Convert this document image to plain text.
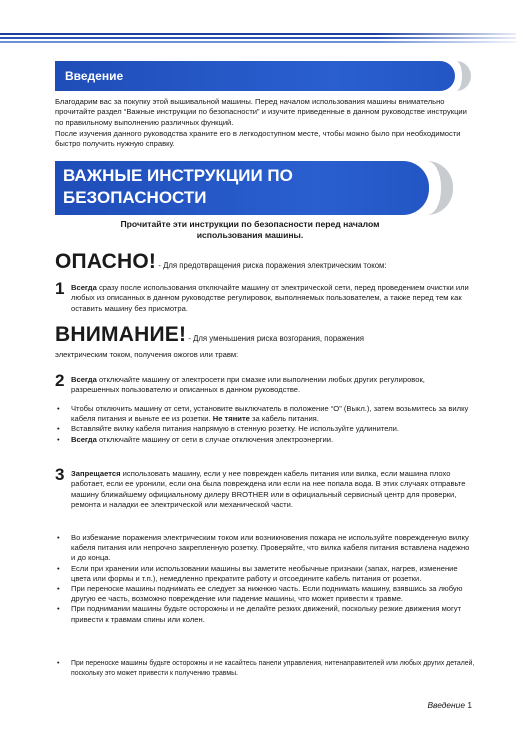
Введение
Благодарим вас за покупку этой вышивальной машины. Перед началом использования машины внимательно прочитайте раздел “Важные инструкции по безопасности” и изучите приведенные в данном руководстве инструкции по правильному выполнению различных функций.
После изучения данного руководства храните его в легкодоступном месте, чтобы можно было при необходимости быстро получить нужную справку.
ВАЖНЫЕ ИНСТРУКЦИИ ПО
БЕЗОПАСНОСТИ
Прочитайте эти инструкции по безопасности перед началом
использования машины.
ОПАСНО! - Для предотвращения риска поражения электрическим током:
1 Всегда сразу после использования отключайте машину от электрической сети, перед проведением очистки или любых из описанных в данном руководстве регулировок, выполняемых пользователем, а также перед тем как оставить машину без присмотра.
ВНИМАНИЕ! - Для уменьшения риска возгорания, поражения
электрическим током, получения ожогов или травм:
2 Всегда отключайте машину от электросети при смазке или выполнении любых других регулировок, разрешенных пользователю и описанных в данном руководстве.
• Чтобы отключить машину от сети, установите выключатель в положение “O” (Выкл.), затем возьмитесь за вилку кабеля питания и выньте ее из розетки. Не тяните за кабель питания.
• Вставляйте вилку кабеля питания напрямую в стенную розетку. Не используйте удлинители.
• Всегда отключайте машину от сети в случае отключения электроэнергии.
3 Запрещается использовать машину, если у нее поврежден кабель питания или вилка, если машина плохо работает, если ее уронили, если она была повреждена или если на нее попала вода. В этих случаях отправьте машину ближайшему официальному дилеру BROTHER или в официальный сервисный центр для проверки, ремонта и наладки ее электрической или механической части.
• Во избежание поражения электрическим током или возникновения пожара не используйте поврежденную вилку кабеля питания или непрочно закрепленную розетку. Проверяйте, что вилка кабеля питания вставлена надежно и до конца.
• Если при хранении или использовании машины вы заметите необычные признаки (запах, нагрев, изменение цвета или формы и т.п.), немедленно прекратите работу и отсоедините кабель питания от розетки.
• При переноске машины поднимать ее следует за нижнюю часть. Если поднимать машину, взявшись за любую другую ее часть, возможно повреждение или падение машины, что может привести к травме.
• При поднимании машины будьте осторожны и не делайте резких движений, поскольку резкие движения могут привести к травмам спины или колен.
• При переноске машины будьте осторожны и не касайтесь панели управления, нитенаправителей или любых других деталей, поскольку это может привести к получению травмы.
Введение 1
